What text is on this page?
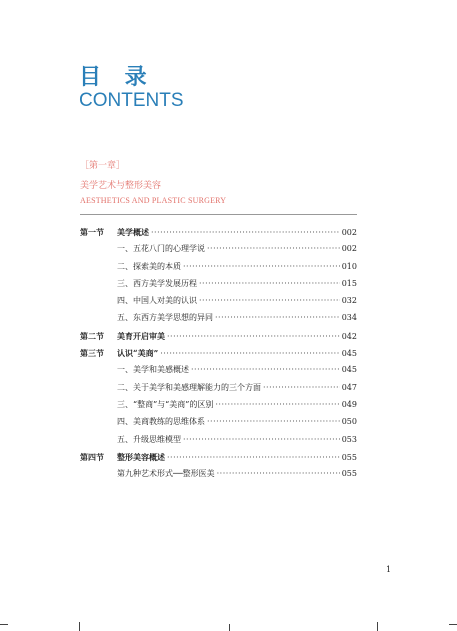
目 录
CONTENTS
［第一章］
美学艺术与整形美容
AESTHETICS AND PLASTIC SURGERY
第一节	美学概述 ·····	002
一、五花八门的心理学说 ·····	002
二、探索美的本质 ·····	010
三、西方美学发展历程 ·····	015
四、中国人对美的认识 ·····	032
五、东西方美学思想的异同 ·····	034
第二节	美育开启审美 ·····	042
第三节	认识“美商” ·····	045
一、美学和美感概述 ·····	045
二、关于美学和美感理解能力的三个方面 ·····	047
三、“整商”与“美商”的区别 ·····	049
四、美商教练的思维体系 ·····	050
五、升级思维模型 ·····	053
第四节	整形美容概述 ·····	055
第九种艺术形式──整形医美 ·····	055
1
